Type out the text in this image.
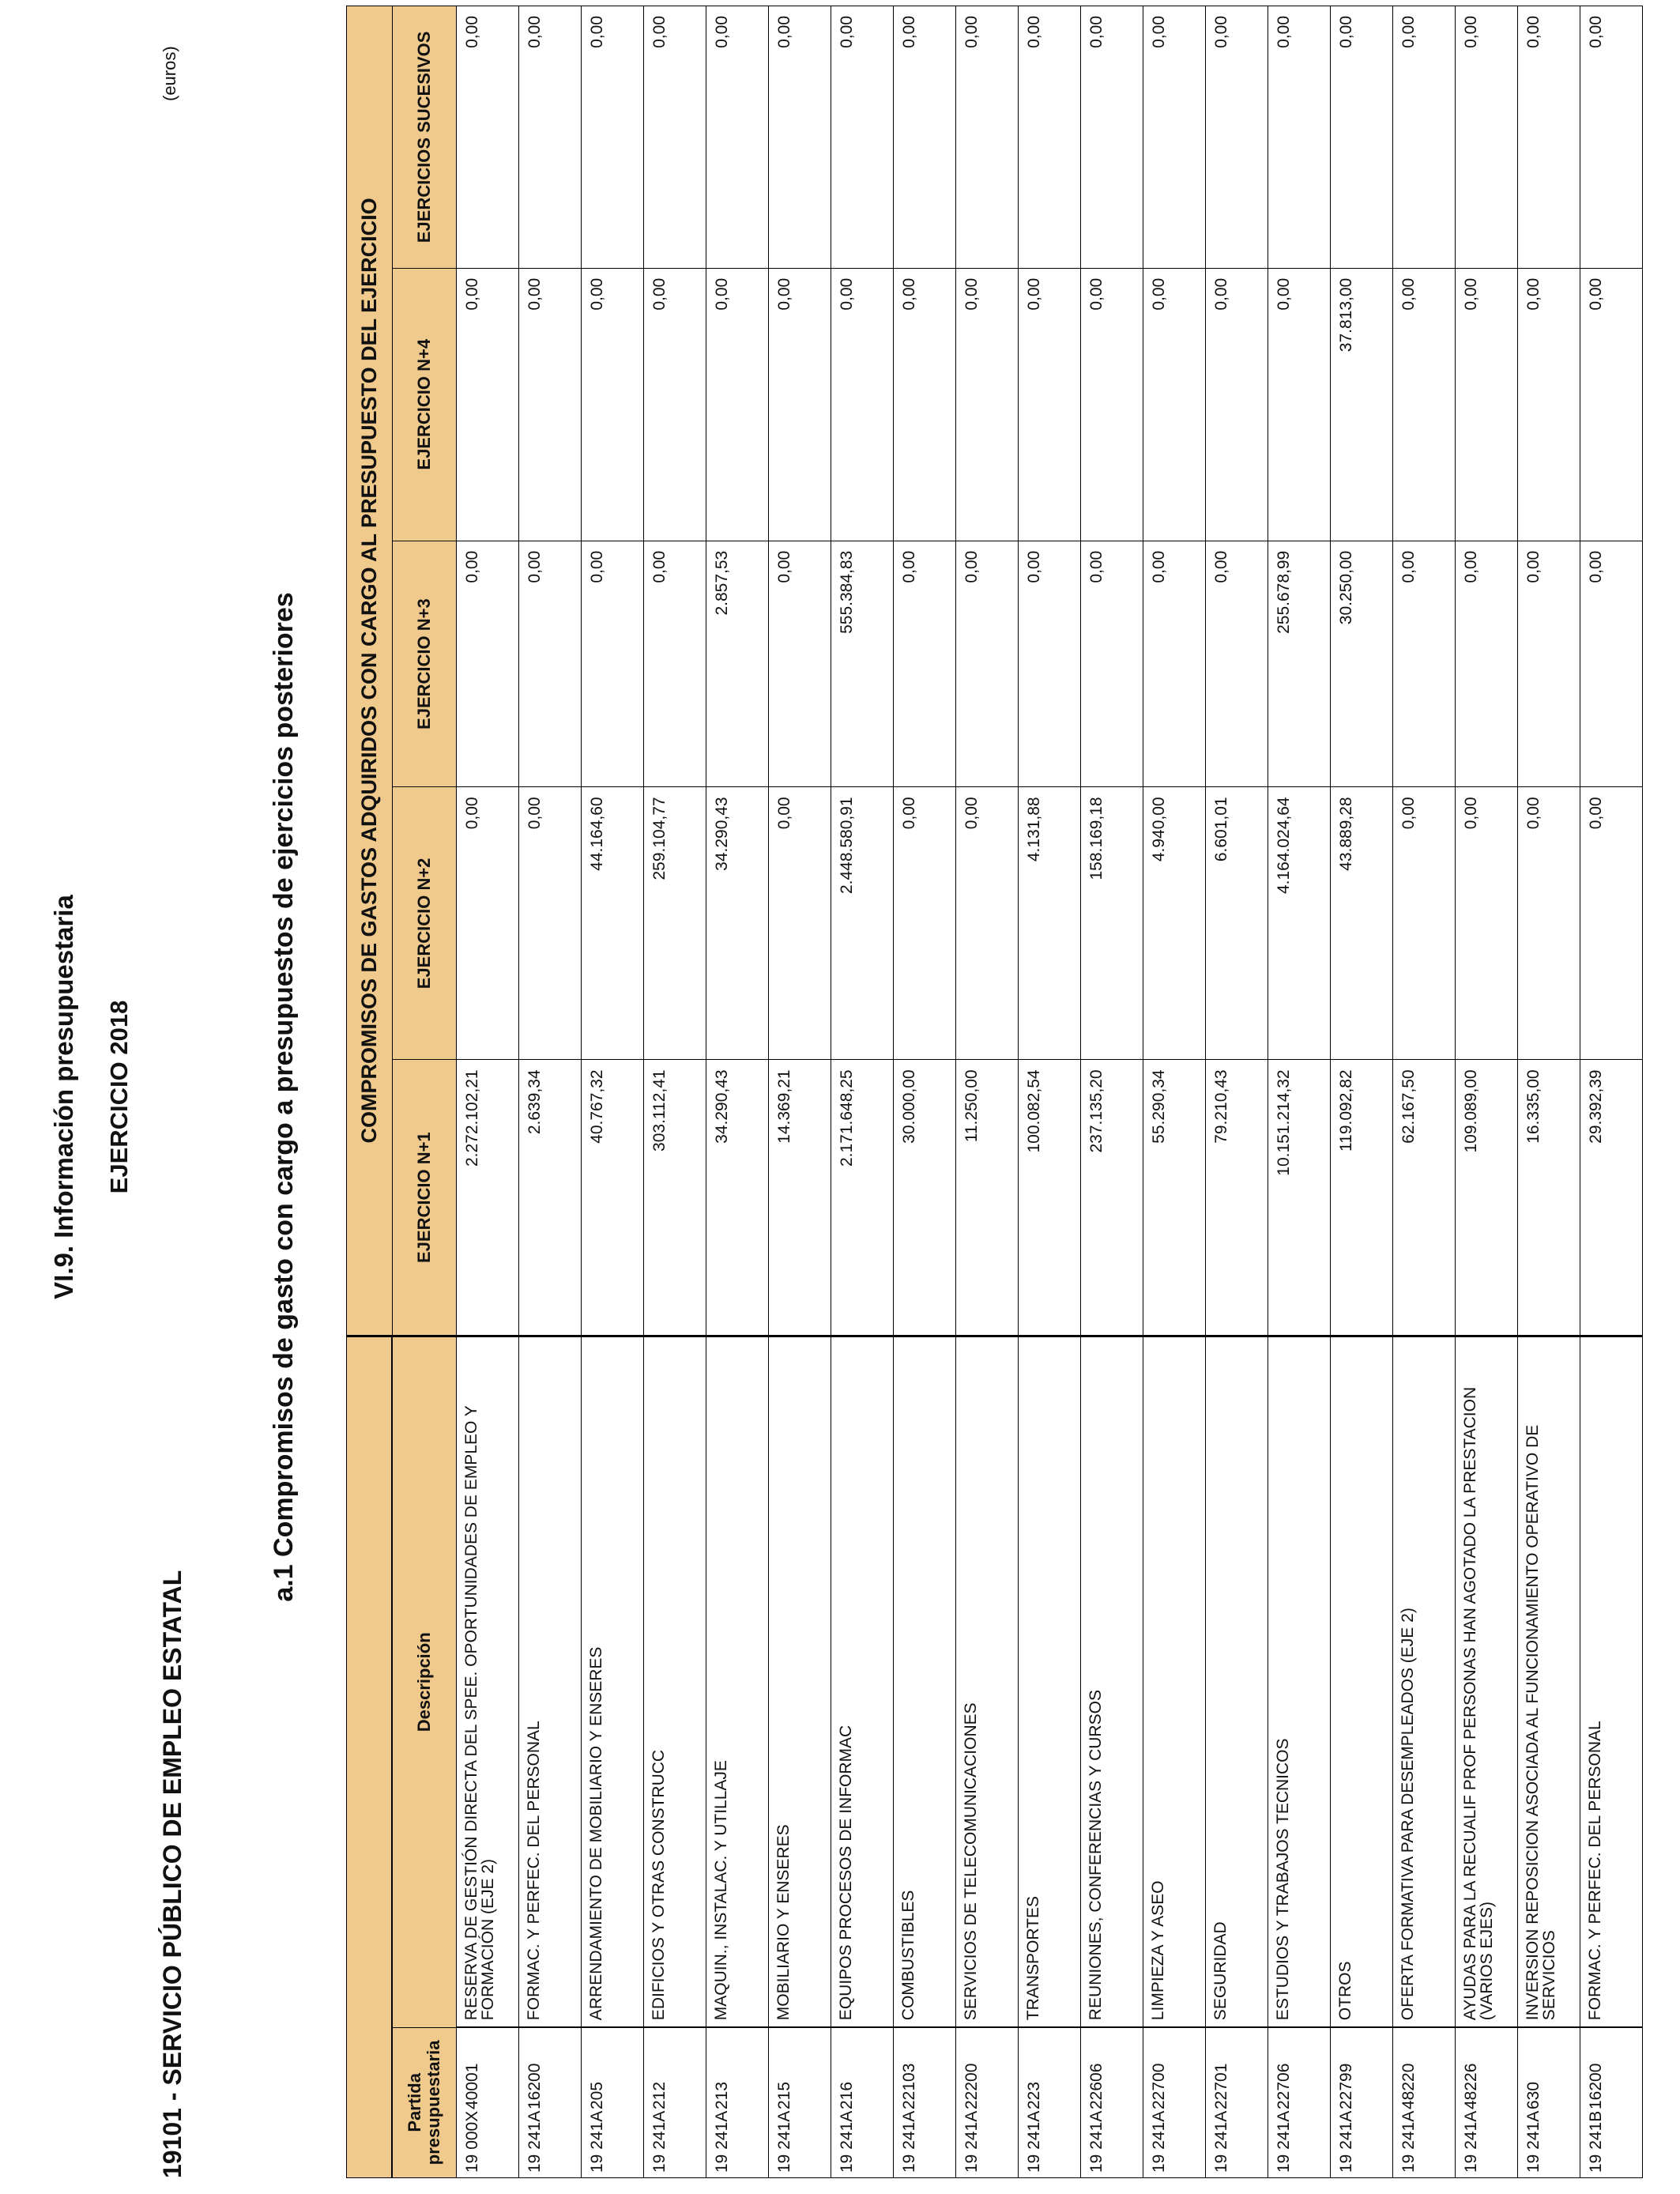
VI.9. Información presupuestaria EJERCICIO 2018
19101 - SERVICIO PÚBLICO DE EMPLEO ESTATAL
(euros)
a.1 Compromisos de gasto con cargo a presupuestos de ejercicios posteriores
		COMPROMISOS DE GASTOS ADQUIRIDOS CON CARGO AL PRESUPUESTO DEL EJERCICIO				
Partida presupuestaria	Descripción	EJERCICIO N+1	EJERCICIO N+2	EJERCICIO N+3	EJERCICIO N+4	EJERCICIOS SUCESIVOS
19 000X40001	RESERVA DE GESTIÓN DIRECTA DEL SPEE. OPORTUNIDADES DE EMPLEO Y FORMACIÓN (EJE 2)	2.272.102,21	0,00	0,00	0,00	0,00
19 241A16200	FORMAC. Y PERFEC. DEL PERSONAL	2.639,34	0,00	0,00	0,00	0,00
19 241A205	ARRENDAMIENTO DE MOBILIARIO Y ENSERES	40.767,32	44.164,60	0,00	0,00	0,00
19 241A212	EDIFICIOS Y OTRAS CONSTRUCC	303.112,41	259.104,77	0,00	0,00	0,00
19 241A213	MAQUIN., INSTALAC. Y UTILLAJE	34.290,43	34.290,43	2.857,53	0,00	0,00
19 241A215	MOBILIARIO Y ENSERES	14.369,21	0,00	0,00	0,00	0,00
19 241A216	EQUIPOS PROCESOS DE INFORMAC	2.171.648,25	2.448.580,91	555.384,83	0,00	0,00
19 241A22103	COMBUSTIBLES	30.000,00	0,00	0,00	0,00	0,00
19 241A22200	SERVICIOS DE TELECOMUNICACIONES	11.250,00	0,00	0,00	0,00	0,00
19 241A223	TRANSPORTES	100.082,54	4.131,88	0,00	0,00	0,00
19 241A22606	REUNIONES, CONFERENCIAS Y CURSOS	237.135,20	158.169,18	0,00	0,00	0,00
19 241A22700	LIMPIEZA Y ASEO	55.290,34	4.940,00	0,00	0,00	0,00
19 241A22701	SEGURIDAD	79.210,43	6.601,01	0,00	0,00	0,00
19 241A22706	ESTUDIOS Y TRABAJOS TECNICOS	10.151.214,32	4.164.024,64	255.678,99	0,00	0,00
19 241A22799	OTROS	119.092,82	43.889,28	30.250,00	37.813,00	0,00
19 241A48220	OFERTA FORMATIVA PARA DESEMPLEADOS (EJE 2)	62.167,50	0,00	0,00	0,00	0,00
19 241A48226	AYUDAS PARA LA RECUALIF PROF PERSONAS HAN AGOTADO LA PRESTACION (VARIOS EJES)	109.089,00	0,00	0,00	0,00	0,00
19 241A630	INVERSION REPOSICION ASOCIADA AL FUNCIONAMIENTO OPERATIVO DE SERVICIOS	16.335,00	0,00	0,00	0,00	0,00
19 241B16200	FORMAC. Y PERFEC. DEL PERSONAL	29.392,39	0,00	0,00	0,00	0,00
